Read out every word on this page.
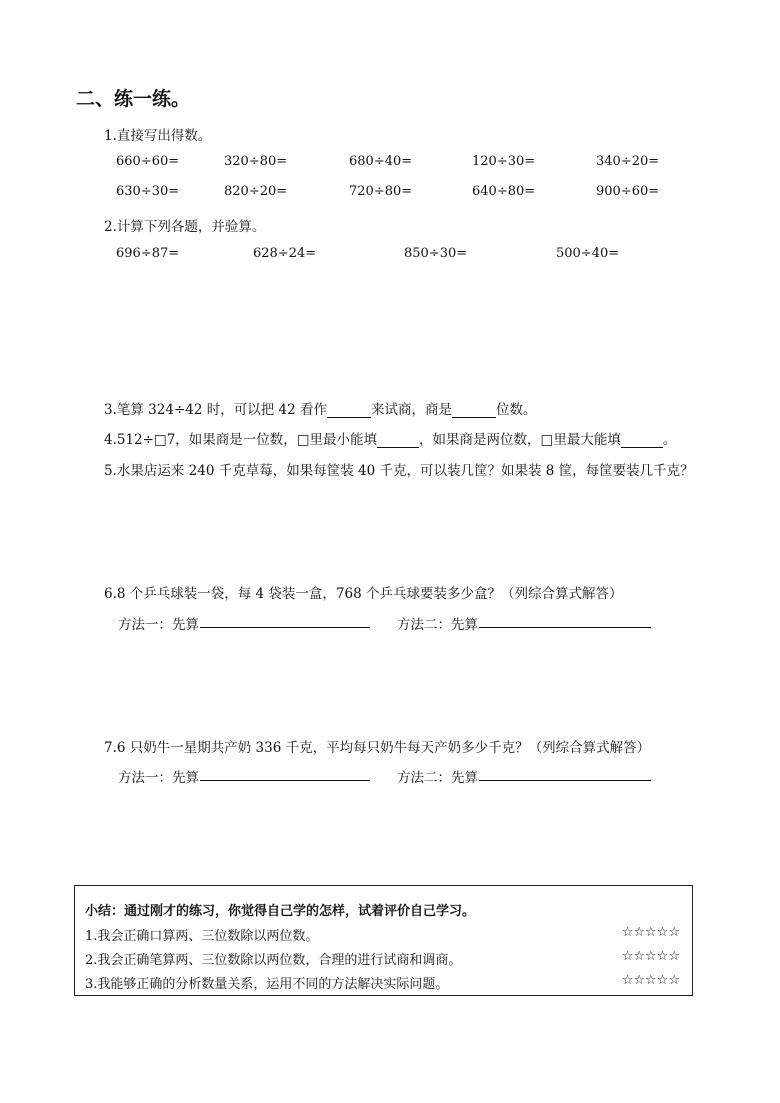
二、练一练。
1.直接写出得数。
660÷60=	320÷80=	680÷40=	120÷30=	340÷20=
630÷30=	820÷20=	720÷80=	640÷80=	900÷60=
2.计算下列各题，并验算。
696÷87=	628÷24=	850÷30=	500÷40=
3.笔算 324÷42 时，可以把 42 看作	来试商，商是	位数。
4.512÷□7，如果商是一位数，□里最小能填	，如果商是两位数，□里最大能填	。
5.水果店运来 240 千克草莓，如果每筐装 40 千克，可以装几筐？如果装 8 筐，每筐要装几千克？
6.8 个乒乓球装一袋，每 4 袋装一盒，768 个乒乓球要装多少盒？（列综合算式解答）
方法一：先算	方法二：先算
7.6 只奶牛一星期共产奶 336 千克，平均每只奶牛每天产奶多少千克？（列综合算式解答）
方法一：先算	方法二：先算
小结：通过刚才的练习，你觉得自己学的怎样，试着评价自己学习。
1.我会正确口算两、三位数除以两位数。	☆☆☆☆☆
2.我会正确笔算两、三位数除以两位数，合理的进行试商和调商。	☆☆☆☆☆
3.我能够正确的分析数量关系，运用不同的方法解决实际问题。	☆☆☆☆☆
